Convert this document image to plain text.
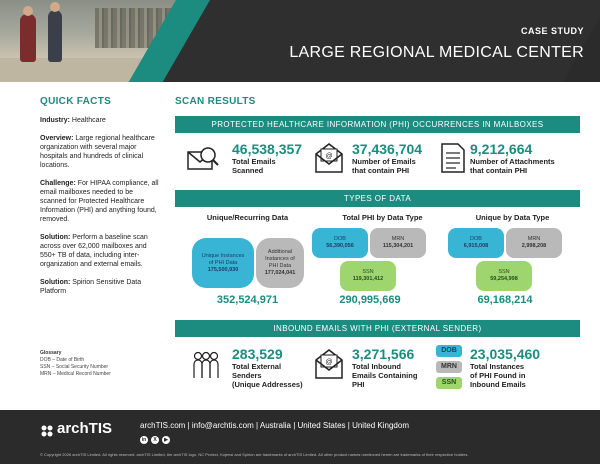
CASE STUDY
LARGE REGIONAL MEDICAL CENTER
QUICK FACTS

Industry: Healthcare

Overview: Large regional healthcare organization with several major hospitals and hundreds of clinical locations.

Challenge: For HIPAA compliance, all email mailboxes needed to be scanned for Protected Healthcare Information (PHI) and anything found, removed.

Solution: Perform a baseline scan across over 62,000 mailboxes and 550+ TB of data, including inter-organization and external emails.

Solution: Spirion Sensitive Data Platform

Glossary
DOB – Date of Birth
SSN – Social Security Number
MRN – Medical Record Number
SCAN RESULTS
PROTECTED HEALTHCARE INFORMATION (PHI) OCCURRENCES IN MAILBOXES
46,538,357
Total Emails
Scanned
@ 37,436,704
Number of Emails
that contain PHI
9,212,664
Number of Attachments
that contain PHI
TYPES OF DATA
Unique/Recurring Data
Unique Instances
of PHI Data
175,500,930
Additional
Instances of
PHI Data
177,024,041
352,524,971
Total PHI by Data Type
DOB
56,390,056
MRN
115,304,201
SSN
119,301,412
290,995,669
Unique by Data Type
DOB
6,915,008
MRN
2,998,208
SSN
59,254,998
69,168,214
INBOUND EMAILS WITH PHI (EXTERNAL SENDER)
283,529
Total External
Senders
(Unique Addresses)
@
3,271,566
Total Inbound
Emails Containing
PHI
DOB
MRN
SSN
23,035,460
Total Instances
of PHI Found in
Inbound Emails
archTIS	archTIS.com | info@archtis.com | Australia | United States | United Kingdom
in	X	▶
© Copyright 2026 archTIS Limited. All rights reserved. archTIS Limited, the archTIS logo, NC Protect, Kojensi and Spirion are trademarks of archTIS Limited. All other product names mentioned herein are trademarks of their respective holders.
